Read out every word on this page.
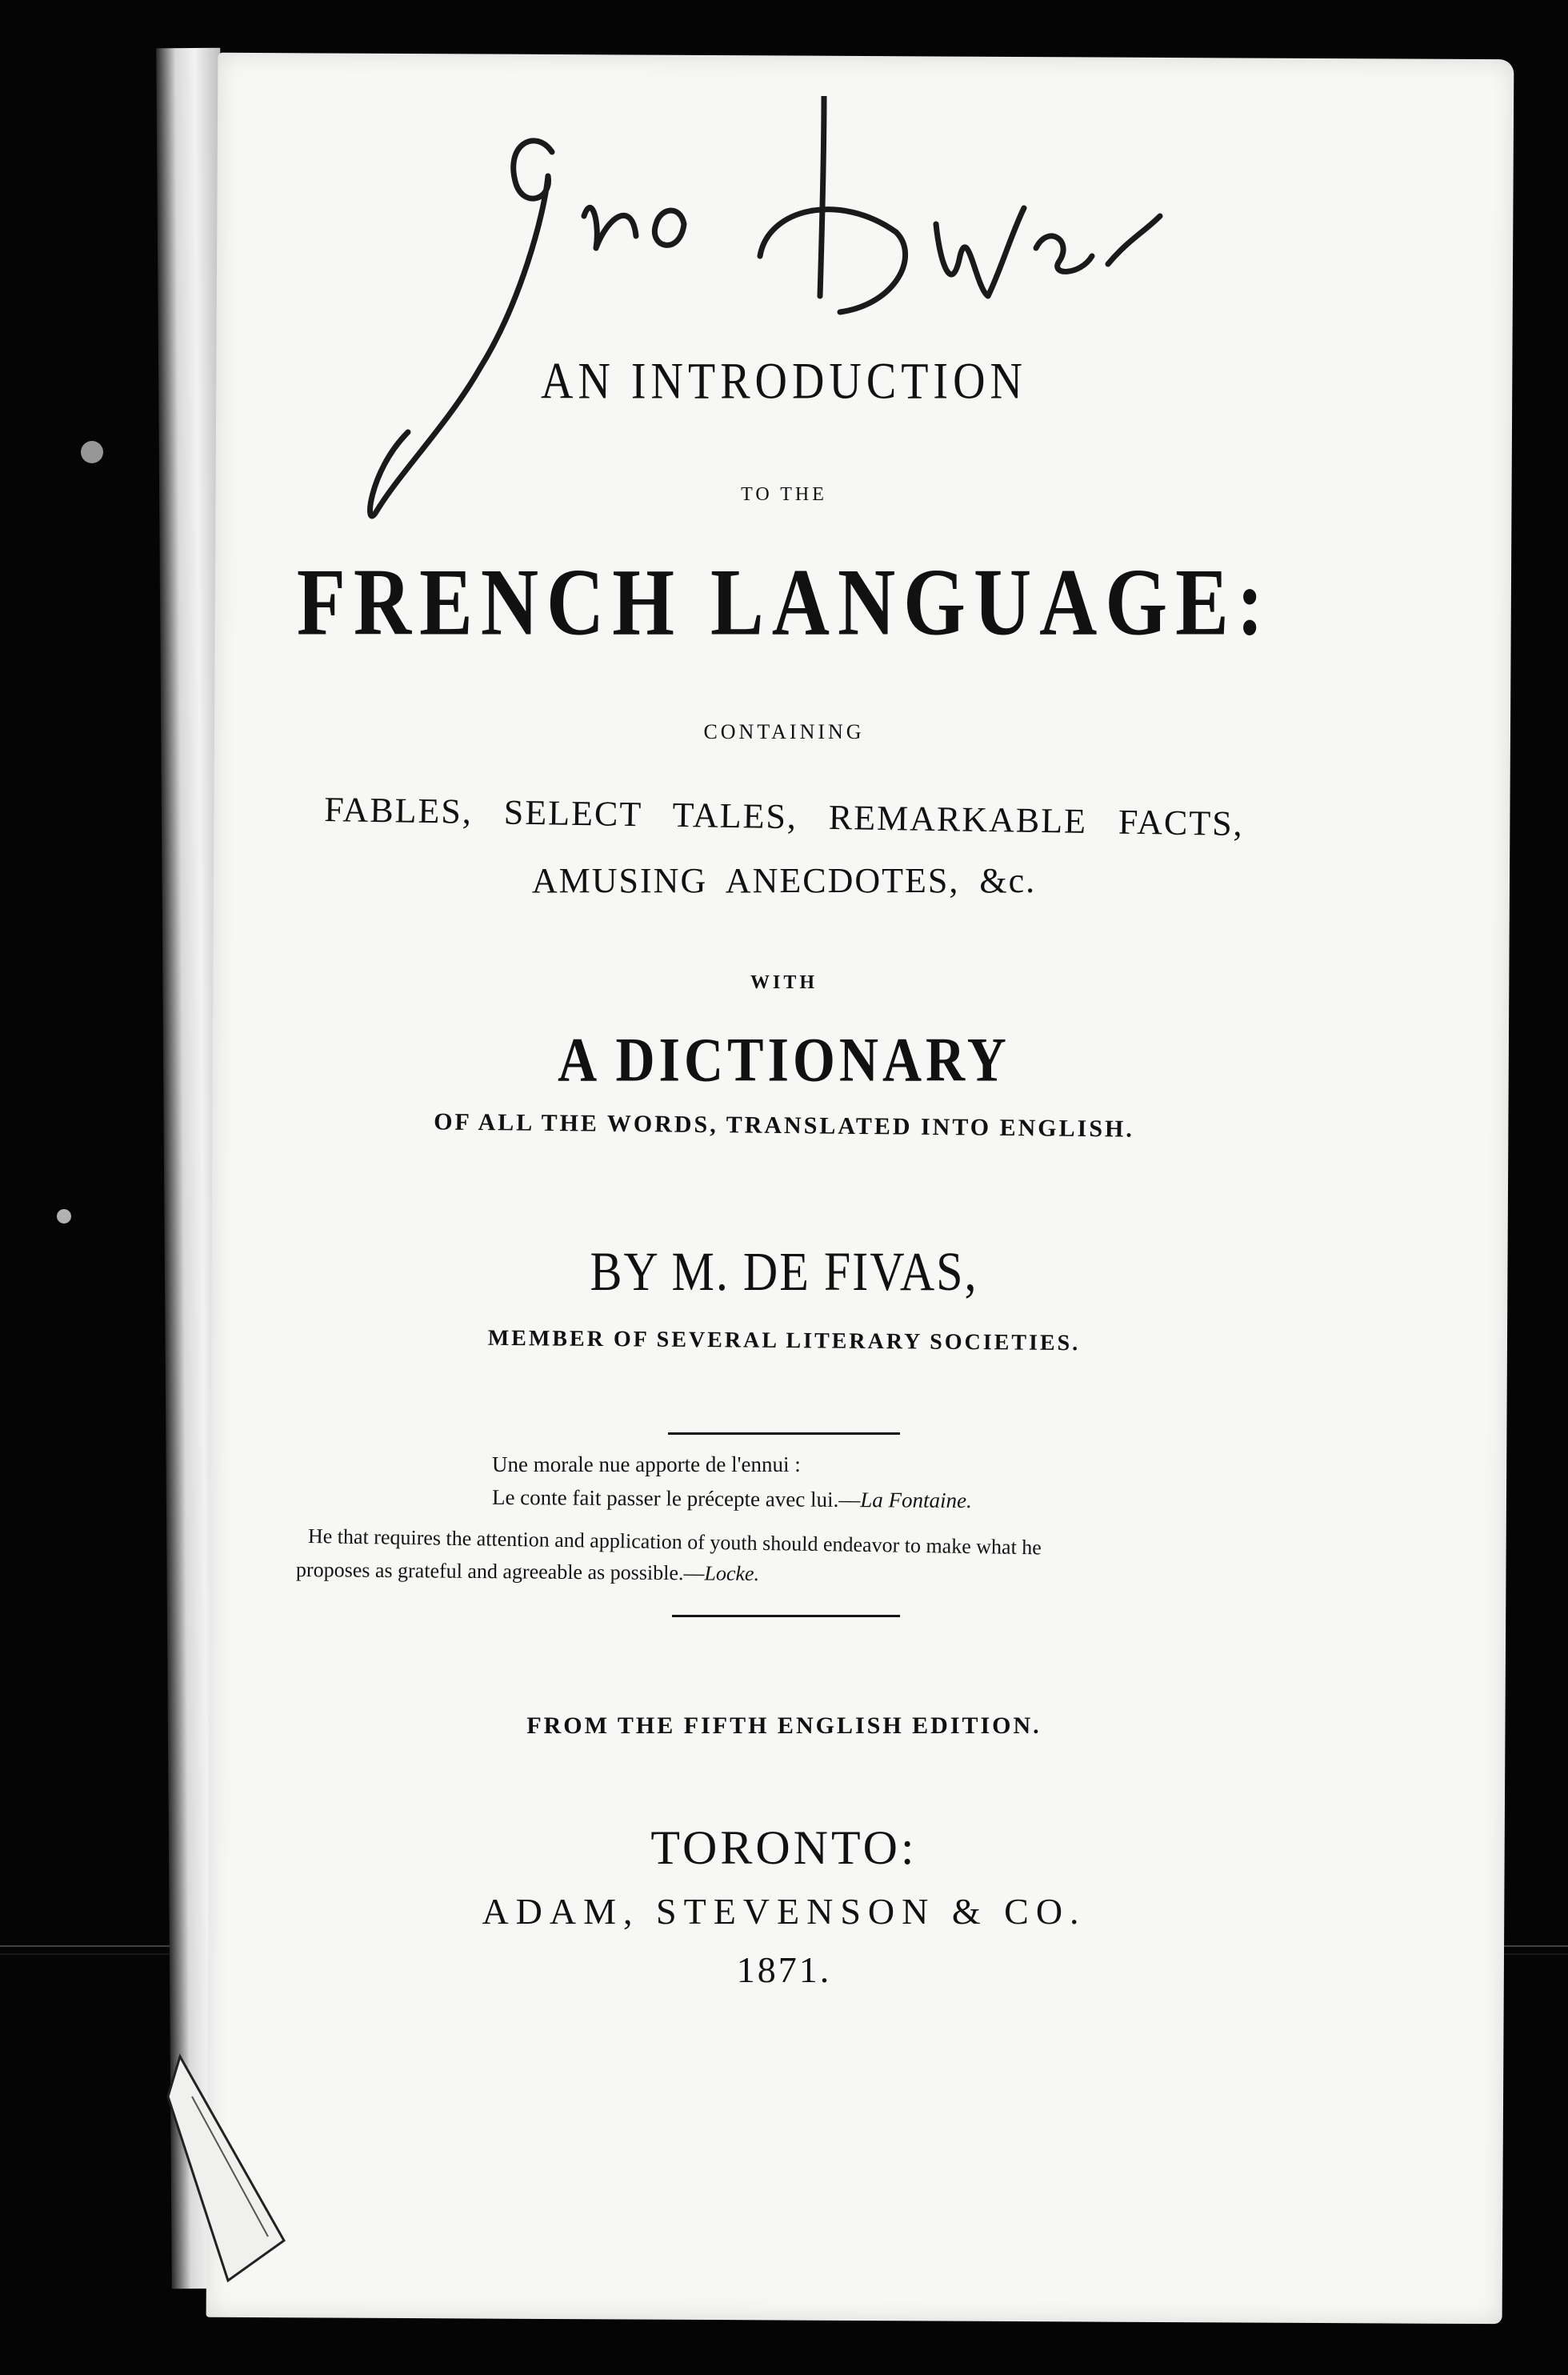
AN INTRODUCTION
TO THE
FRENCH LANGUAGE:
CONTAINING
FABLES, SELECT TALES, REMARKABLE FACTS,
AMUSING ANECDOTES, &c.
WITH
A DICTIONARY
OF ALL THE WORDS, TRANSLATED INTO ENGLISH.
BY M. DE FIVAS,
MEMBER OF SEVERAL LITERARY SOCIETIES.
Une morale nue apporte de l'ennui :
Le conte fait passer le précepte avec lui.—La Fontaine.
He that requires the attention and application of youth should endeavor to make what he
proposes as grateful and agreeable as possible.—Locke.
FROM THE FIFTH ENGLISH EDITION.
TORONTO:
ADAM, STEVENSON & CO.
1871.
